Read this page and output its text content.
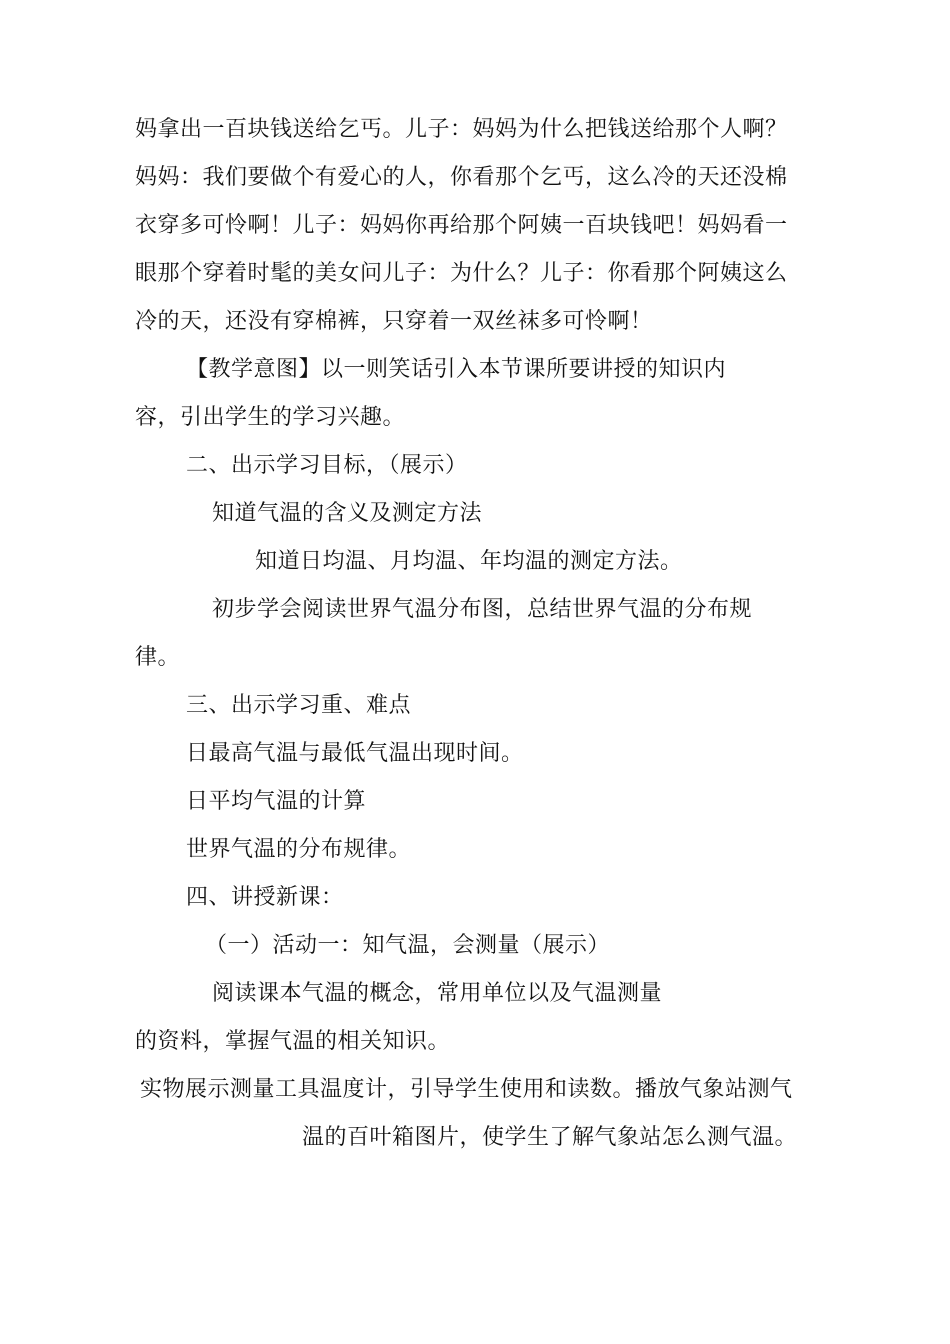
妈拿出一百块钱送给乞丐。儿子：妈妈为什么把钱送给那个人啊？
妈妈：我们要做个有爱心的人，你看那个乞丐，这么冷的天还没棉
衣穿多可怜啊！儿子：妈妈你再给那个阿姨一百块钱吧！妈妈看一
眼那个穿着时髦的美女问儿子：为什么？儿子：你看那个阿姨这么
冷的天，还没有穿棉裤，只穿着一双丝袜多可怜啊！
【教学意图】以一则笑话引入本节课所要讲授的知识内
容，引出学生的学习兴趣。
二、出示学习目标，（展示）
知道气温的含义及测定方法
知道日均温、月均温、年均温的测定方法。
初步学会阅读世界气温分布图，总结世界气温的分布规
律。
三、出示学习重、难点
日最高气温与最低气温出现时间。
日平均气温的计算
世界气温的分布规律。
四、讲授新课：
（一）活动一：知气温，会测量（展示）
阅读课本气温的概念，常用单位以及气温测量
的资料，掌握气温的相关知识。
实物展示测量工具温度计，引导学生使用和读数。播放气象站测气
温的百叶箱图片，使学生了解气象站怎么测气温。
